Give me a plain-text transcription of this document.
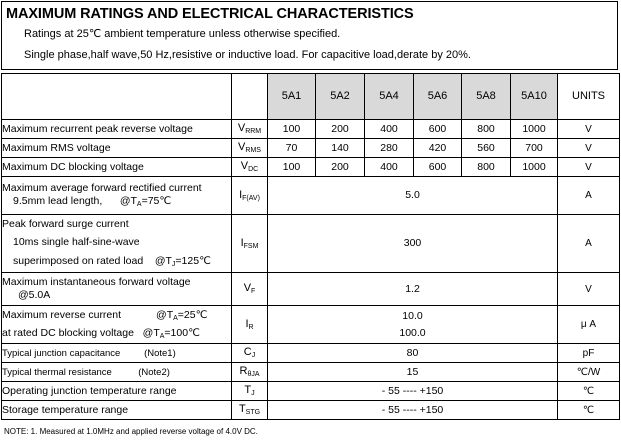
MAXIMUM RATINGS AND ELECTRICAL CHARACTERISTICS
Ratings at 25℃ ambient temperature unless otherwise specified.
Single phase,half wave,50 Hz,resistive or inductive load. For capacitive load,derate by 20%.
		5A1	5A2	5A4	5A6	5A8	5A10	UNITS
Maximum recurrent peak reverse voltage	VRRM	100	200	400	600	800	1000	V
Maximum RMS voltage	VRMS	70	140	280	420	560	700	V
Maximum DC blocking voltage	VDC	100	200	400	600	800	1000	V

Maximum average forward rectified current
9.5mm lead length, @TA=75℃	IF(AV)	5.0						A

Peak forward surge current
10ms single half-sine-wave
superimposed on rated load @TJ=125℃	IFSM	300						A

Maximum instantaneous forward voltage
@5.0A	VF	1.2						V

Maximum reverse current @TA=25℃
at rated DC blocking voltage @TA=100℃	IR	10.0
100.0						μ A
Typical junction capacitance (Note1)	CJ	80						pF
Typical thermal resistance (Note2)	RθJA	15						℃/W
Operating junction temperature range	TJ	- 55 ---- +150						℃
Storage temperature range	TSTG	- 55 ---- +150						℃
NOTE: 1. Measured at 1.0MHz and applied reverse voltage of 4.0V DC.
